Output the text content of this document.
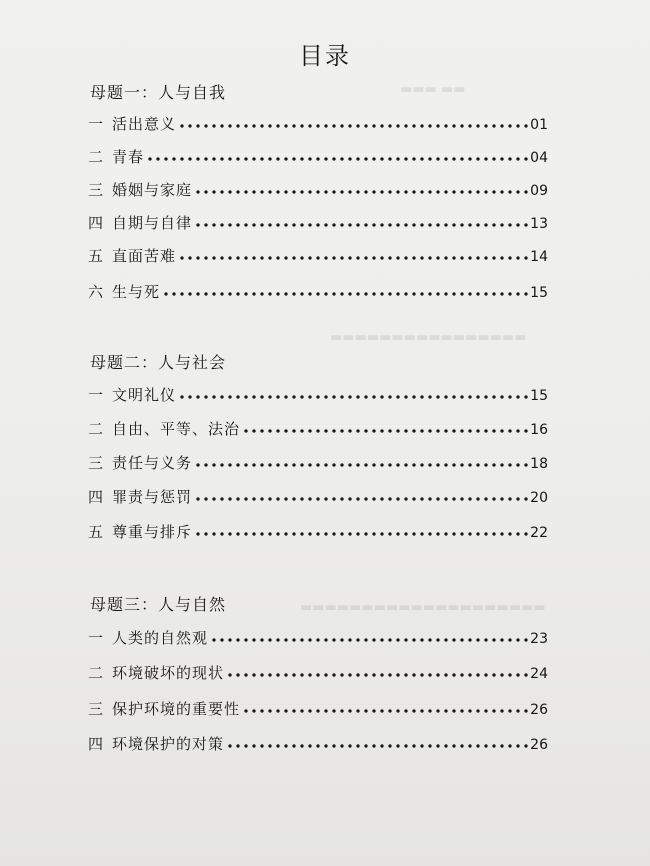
▬▬▬ ▬▬
▬▬▬▬▬▬▬▬▬▬▬▬▬▬▬▬
▬▬▬▬▬▬▬▬▬▬▬▬▬▬▬▬▬▬▬▬
目录
母题一：人与自我
一 活出意义	01
二 青春	04
三 婚姻与家庭	09
四 自期与自律	13
五 直面苦难	14
六 生与死	15
母题二：人与社会
一 文明礼仪	15
二 自由、平等、法治	16
三 责任与义务	18
四 罪责与惩罚	20
五 尊重与排斥	22
母题三：人与自然
一 人类的自然观	23
二 环境破坏的现状	24
三 保护环境的重要性	26
四 环境保护的对策	26
